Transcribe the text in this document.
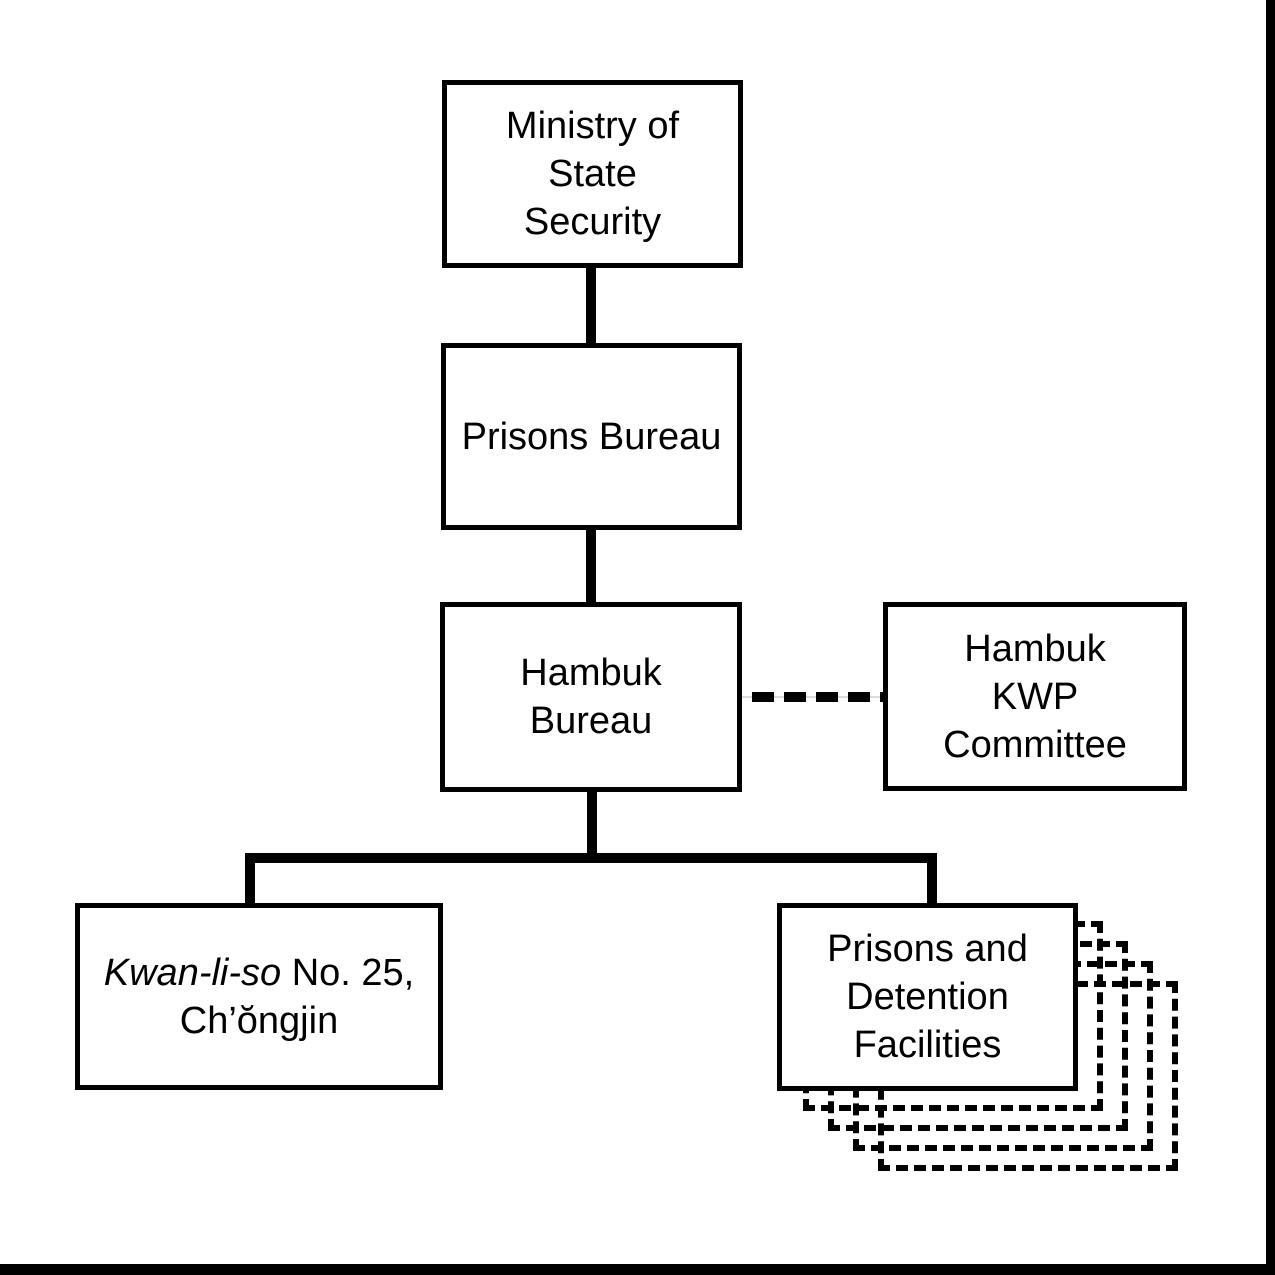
Ministry of
State
Security
Prisons Bureau
Hambuk
Bureau
Hambuk
KWP
Committee
Kwan-li-so No. 25,
Ch’ŏngjin
Prisons and
Detention
Facilities
